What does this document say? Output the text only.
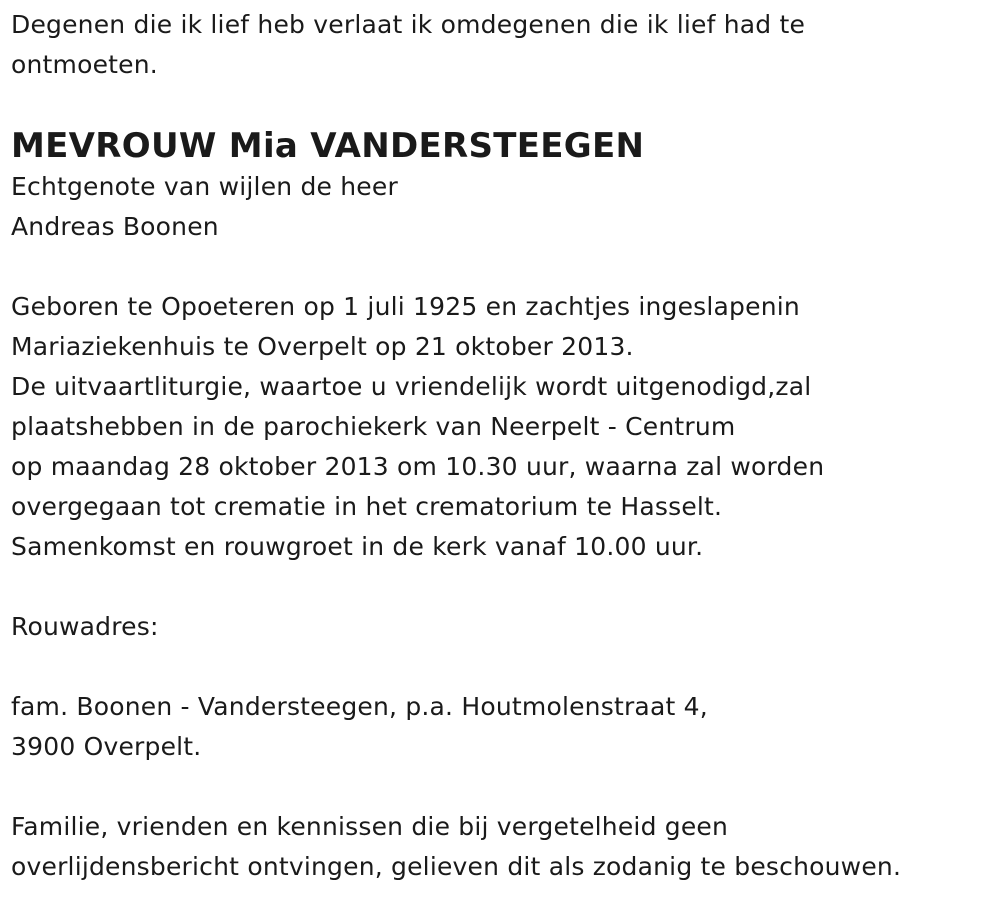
Degenen die ik lief heb verlaat ik omdegenen die ik lief had te
ontmoeten.
MEVROUW Mia VANDERSTEEGEN
Echtgenote van wijlen de heer
Andreas Boonen
Geboren te Opoeteren op 1 juli 1925 en zachtjes ingeslapenin
Mariaziekenhuis te Overpelt op 21 oktober 2013.
De uitvaartliturgie, waartoe u vriendelijk wordt uitgenodigd,zal
plaatshebben in de parochiekerk van Neerpelt - Centrum
op maandag 28 oktober 2013 om 10.30 uur, waarna zal worden
overgegaan tot crematie in het crematorium te Hasselt.
Samenkomst en rouwgroet in de kerk vanaf 10.00 uur.
Rouwadres:
fam. Boonen - Vandersteegen, p.a. Houtmolenstraat 4,
3900 Overpelt.
Familie, vrienden en kennissen die bij vergetelheid geen
overlijdensbericht ontvingen, gelieven dit als zodanig te beschouwen.
